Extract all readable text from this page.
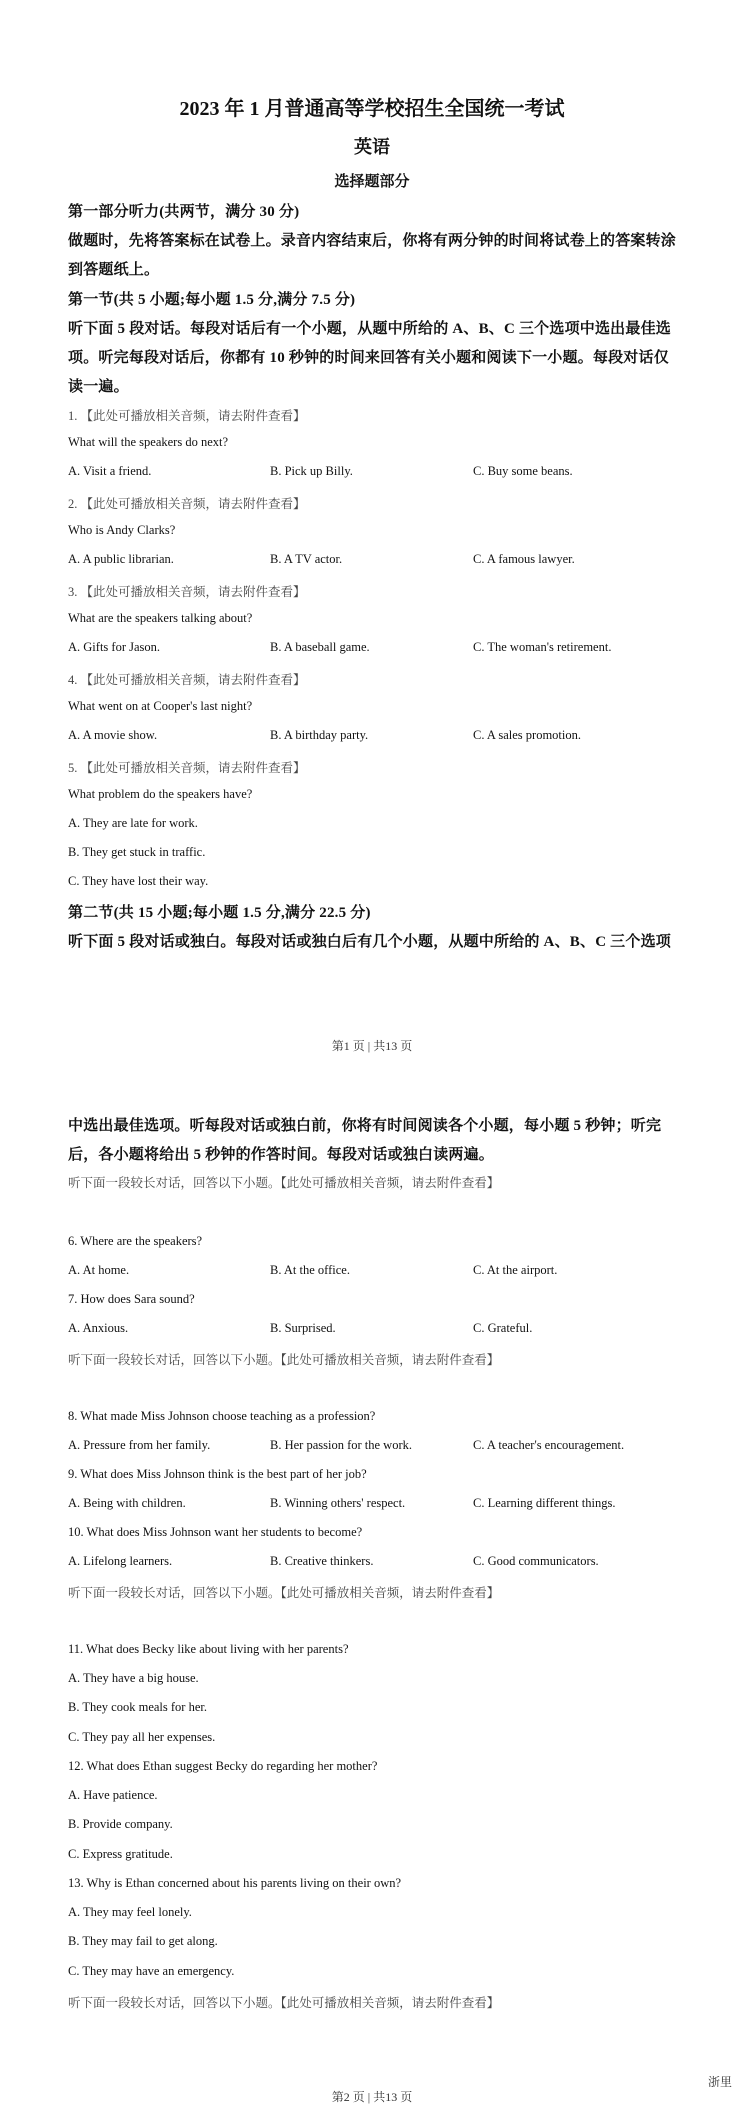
2023 年 1 月普通高等学校招生全国统一考试
英语
选择题部分
第一部分听力(共两节，满分 30 分)
做题时，先将答案标在试卷上。录音内容结束后，你将有两分钟的时间将试卷上的答案转涂
到答题纸上。
第一节(共 5 小题;每小题 1.5 分,满分 7.5 分)
听下面 5 段对话。每段对话后有一个小题，从题中所给的 A、B、C 三个选项中选出最佳选
项。听完每段对话后，你都有 10 秒钟的时间来回答有关小题和阅读下一小题。每段对话仅
读一遍。
1. 【此处可播放相关音频，请去附件查看】
What will the speakers do next?
A. Visit a friend.	B. Pick up Billy.	C. Buy some beans.
2. 【此处可播放相关音频，请去附件查看】
Who is Andy Clarks?
A. A public librarian.	B. A TV actor.	C. A famous lawyer.
3. 【此处可播放相关音频，请去附件查看】
What are the speakers talking about?
A. Gifts for Jason.	B. A baseball game.	C. The woman's retirement.
4. 【此处可播放相关音频，请去附件查看】
What went on at Cooper's last night?
A. A movie show.	B. A birthday party.	C. A sales promotion.
5. 【此处可播放相关音频，请去附件查看】
What problem do the speakers have?
A. They are late for work.
B. They get stuck in traffic.
C. They have lost their way.
第二节(共 15 小题;每小题 1.5 分,满分 22.5 分)
听下面 5 段对话或独白。每段对话或独白后有几个小题，从题中所给的 A、B、C 三个选项
第1 页 | 共13 页
中选出最佳选项。听每段对话或独白前，你将有时间阅读各个小题，每小题 5 秒钟；听完
后，各小题将给出 5 秒钟的作答时间。每段对话或独白读两遍。
听下面一段较长对话，回答以下小题。【此处可播放相关音频，请去附件查看】
6. Where are the speakers?
A. At home.	B. At the office.	C. At the airport.
7. How does Sara sound?
A. Anxious.	B. Surprised.	C. Grateful.
听下面一段较长对话，回答以下小题。【此处可播放相关音频，请去附件查看】
8. What made Miss Johnson choose teaching as a profession?
A. Pressure from her family.	B. Her passion for the work.	C. A teacher's encouragement.
9. What does Miss Johnson think is the best part of her job?
A. Being with children.	B. Winning others' respect.	C. Learning different things.
10. What does Miss Johnson want her students to become?
A. Lifelong learners.	B. Creative thinkers.	C. Good communicators.
听下面一段较长对话，回答以下小题。【此处可播放相关音频，请去附件查看】
11. What does Becky like about living with her parents?
A. They have a big house.
B. They cook meals for her.
C. They pay all her expenses.
12. What does Ethan suggest Becky do regarding her mother?
A. Have patience.
B. Provide company.
C. Express gratitude.
13. Why is Ethan concerned about his parents living on their own?
A. They may feel lonely.
B. They may fail to get along.
C. They may have an emergency.
听下面一段较长对话，回答以下小题。【此处可播放相关音频，请去附件查看】
浙里
第2 页 | 共13 页
